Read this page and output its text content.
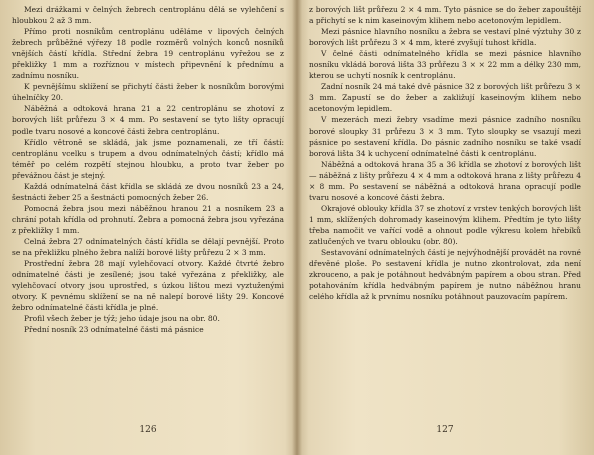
Mezi drážkami v čelných žebrech centroplánu dělá se vylehčení s hloubkou 2 až 3 mm.

Přímo proti nosníkům centroplánu uděláme v lipových čelných žebrech průběžné výřezy 18 podle rozměrů volných konců nosníků vnějších částí křídla. Střední žebra 19 centroplánu vyřežou se z překližky 1 mm a rozříznou v místech připevnění k přednímu a zadnímu nosníku.

K pevnějšímu sklížení se přichytí části žeber k nosníkům borovými úhelníčky 20.

Náběžná a odtoková hrana 21 a 22 centroplánu se zhotoví z borových lišt průřezu 3 × 4 mm. Po sestavení se tyto lišty opracují podle tvaru nosové a koncové části žebra centroplánu.

Křídlo větroně se skládá, jak jsme poznamenali, ze tří částí: centroplánu vcelku s trupem a dvou odnímatelných částí; křídlo má téměř po celém rozpětí stejnou hloubku, a proto tvar žeber po převážnou část je stejný.

Každá odnímatelná část křídla se skládá ze dvou nosníků 23 a 24, šestnácti žeber 25 a šestnácti pomocných žeber 26.

Pomocná žebra jsou mezi náběžnou hranou 21 a nosníkem 23 a chrání potah křídla od prohnutí. Žebra a pomocná žebra jsou vyřezána z překližky 1 mm.

Celná žebra 27 odnímatelných částí křídla se dělají pevnější. Proto se na překližku plného žebra nalíží borové lišty průřezu 2 × 3 mm.

Prostřední žebra 28 mají vylehčovací otvory. Každé čtvrté žebro odnímatelné části je zesílené; jsou také vyřezána z překližky, ale vylehčovací otvory jsou uprostřed, s úzkou lištou mezi vyztuženými otvory. K pevnému sklížení se na ně nalepí borové lišty 29. Koncové žebro odnímatelné části křídla je plné.

Profil všech žeber je týž; jeho údaje jsou na obr. 80.

Přední nosník 23 odnímatelné části má pásnice

126

z borových lišt průřezu 2 × 4 mm. Tyto pásnice se do žeber zapouštějí a přichytí se k nim kaseinovým klihem nebo acetonovým lepidlem.

Mezi pásnice hlavního nosníku a žebra se vestaví plné výztuhy 30 z borových lišt průřezu 3 × 4 mm, které zvyšují tuhost křídla.

V čelné části odnímatelného křídla se mezi pásnice hlavního nosníku vkládá borová lišta 33 průřezu 3 × × 22 mm a délky 230 mm, kterou se uchytí nosník k centroplánu.

Zadní nosník 24 má také dvě pásnice 32 z borových lišt průřezu 3 × 3 mm. Zapustí se do žeber a zakližují kaseinovým klihem nebo acetonovým lepidlem.

V mezerách mezi žebry vsadíme mezi pásnice zadního nosníku borové sloupky 31 průřezu 3 × 3 mm. Tyto sloupky se vsazují mezi pásnice po sestavení křídla. Do pásnic zadního nosníku se také vsadí borová lišta 34 k uchycení odnímatelné části k centroplánu.

Náběžná a odtoková hrana 35 a 36 křídla se zhotoví z borových lišt — náběžná z lišty průřezu 4 × 4 mm a odtoková hrana z lišty průřezu 4 × 8 mm. Po sestavení se náběžná a odtoková hrana opracují podle tvaru nosové a koncové části žebra.

Okrajové oblouky křídla 37 se zhotoví z vrstev tenkých borových lišt 1 mm, sklížených dohromady kaseinovým klihem. Předtím je tyto lišty třeba namočit ve vařící vodě a ohnout podle výkresu kolem hřebíků zatlučených ve tvaru oblouku (obr. 80).

Sestavování odnímatelných částí je nejvýhodnější provádět na rovné dřevěné ploše. Po sestavení křídla je nutno zkontrolovat, zda není zkrouceno, a pak je potáhnout hedvábným papírem a obou stran. Před potahováním křídla hedvábným papírem je nutno náběžnou hranu celého křídla až k prvnímu nosníku potáhnout pauzovacím papírem.

127
